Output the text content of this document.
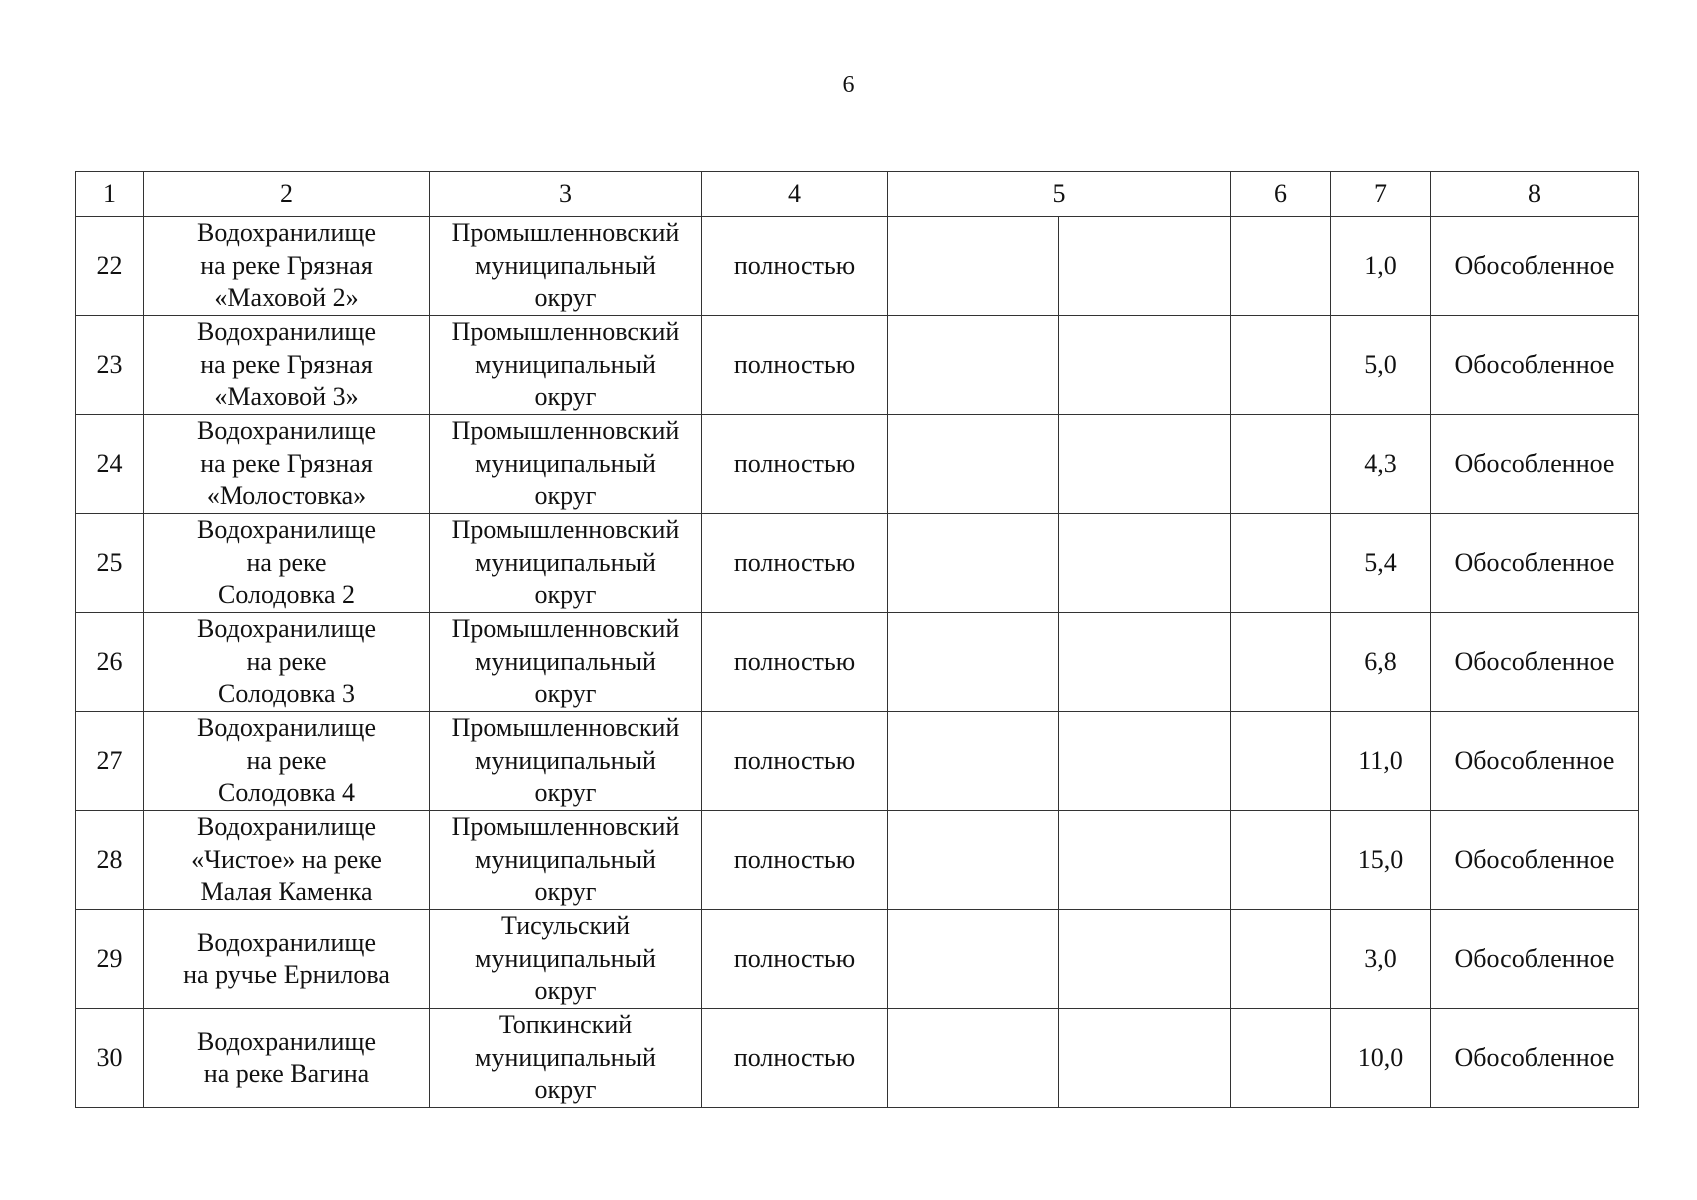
6
1	2	3	4	5		6	7	8
22	Водохранилище
на реке Грязная
«Маховой 2»	Промышленновский
муниципальный
округ	полностью				1,0	Обособленное
23	Водохранилище
на реке Грязная
«Маховой 3»	Промышленновский
муниципальный
округ	полностью				5,0	Обособленное
24	Водохранилище
на реке Грязная
«Молостовка»	Промышленновский
муниципальный
округ	полностью				4,3	Обособленное
25	Водохранилище
на реке
Солодовка 2	Промышленновский
муниципальный
округ	полностью				5,4	Обособленное
26	Водохранилище
на реке
Солодовка 3	Промышленновский
муниципальный
округ	полностью				6,8	Обособленное
27	Водохранилище
на реке
Солодовка 4	Промышленновский
муниципальный
округ	полностью				11,0	Обособленное
28	Водохранилище
«Чистое» на реке
Малая Каменка	Промышленновский
муниципальный
округ	полностью				15,0	Обособленное
29	Водохранилище
на ручье Ернилова	Тисульский
муниципальный
округ	полностью				3,0	Обособленное
30	Водохранилище
на реке Вагина	Топкинский
муниципальный
округ	полностью				10,0	Обособленное
